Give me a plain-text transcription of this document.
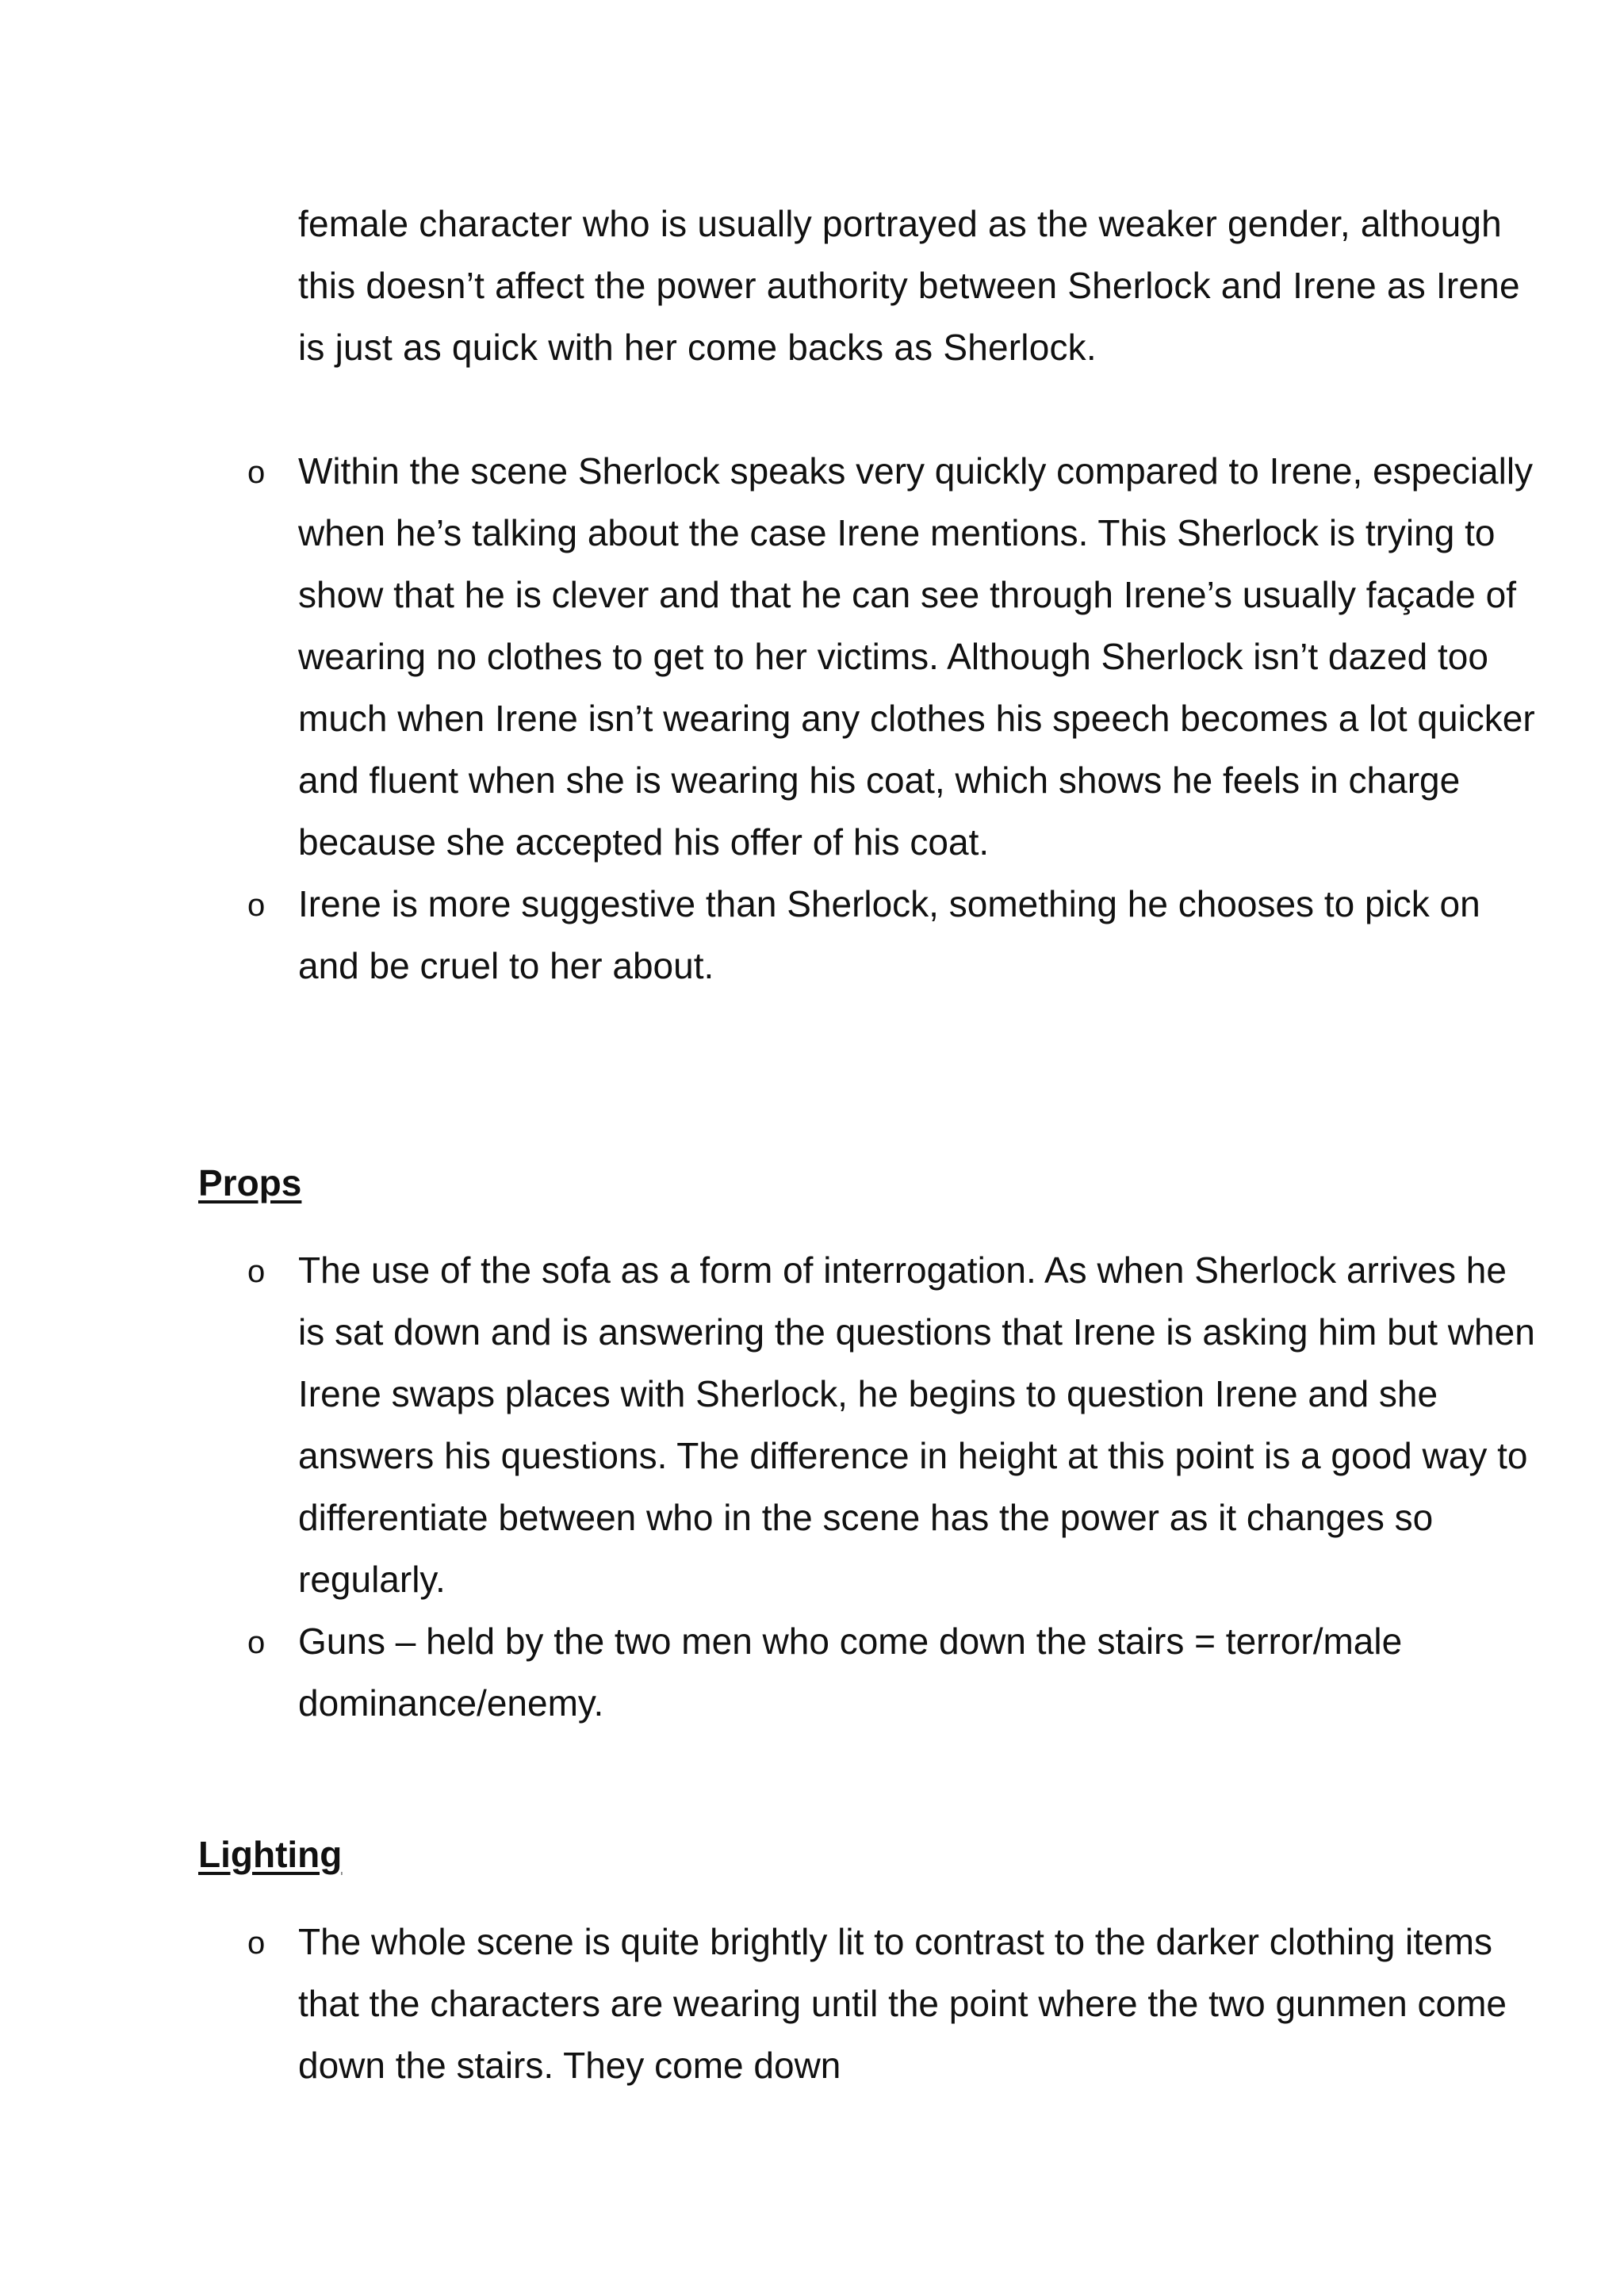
female character who is usually portrayed as the weaker gender, although this doesn’t affect the power authority between Sherlock and Irene as Irene is just as quick with her come backs as Sherlock.
o Within the scene Sherlock speaks very quickly compared to Irene, especially when he’s talking about the case Irene mentions. This Sherlock is trying to show that he is clever and that he can see through Irene’s usually façade of wearing no clothes to get to her victims. Although Sherlock isn’t dazed too much when Irene isn’t wearing any clothes his speech becomes a lot quicker and fluent when she is wearing his coat, which shows he feels in charge because she accepted his offer of his coat.
o Irene is more suggestive than Sherlock, something he chooses to pick on and be cruel to her about.
Props
o The use of the sofa as a form of interrogation. As when Sherlock arrives he is sat down and is answering the questions that Irene is asking him but when Irene swaps places with Sherlock, he begins to question Irene and she answers his questions. The difference in height at this point is a good way to differentiate between who in the scene has the power as it changes so regularly.
o Guns – held by the two men who come down the stairs = terror/male dominance/enemy.
Lighting
o The whole scene is quite brightly lit to contrast to the darker clothing items that the characters are wearing until the point where the two gunmen come down the stairs. They come down
